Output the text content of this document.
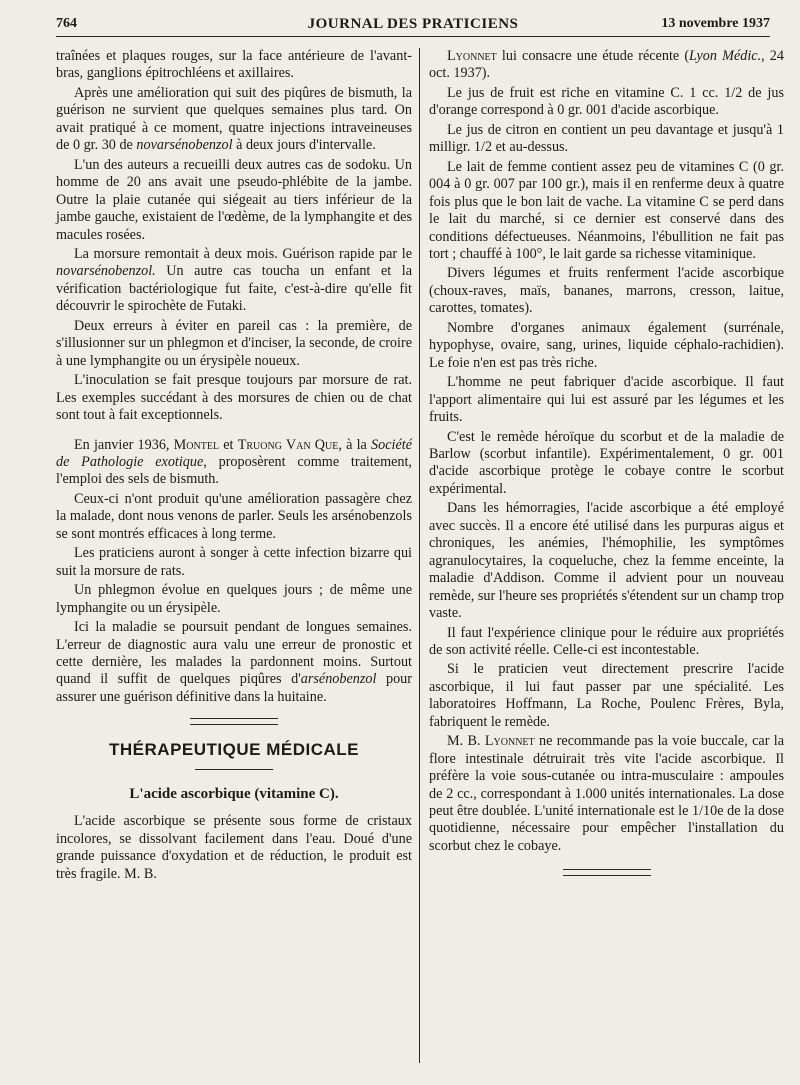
764	JOURNAL DES PRATICIENS	13 novembre 1937

traînées et plaques rouges, sur la face antérieure de l'avant-bras, ganglions épitrochléens et axillaires.

Après une amélioration qui suit des piqûres de bismuth, la guérison ne survient que quelques semaines plus tard. On avait pratiqué à ce moment, quatre injections intraveineuses de 0 gr. 30 de novarsénobenzol à deux jours d'intervalle.

L'un des auteurs a recueilli deux autres cas de sodoku. Un homme de 20 ans avait une pseudo-phlébite de la jambe. Outre la plaie cutanée qui siégeait au tiers inférieur de la jambe gauche, existaient de l'œdème, de la lymphangite et des macules rosées.

La morsure remontait à deux mois. Guérison rapide par le novarsénobenzol. Un autre cas toucha un enfant et la vérification bactériologique fut faite, c'est-à-dire qu'elle fit découvrir le spirochète de Futaki.

Deux erreurs à éviter en pareil cas : la première, de s'illusionner sur un phlegmon et d'inciser, la seconde, de croire à une lymphangite ou un érysipèle noueux.

L'inoculation se fait presque toujours par morsure de rat. Les exemples succédant à des morsures de chien ou de chat sont tout à fait exceptionnels.

En janvier 1936, Montel et Truong Van Que, à la Société de Pathologie exotique, proposèrent comme traitement, l'emploi des sels de bismuth.

Ceux-ci n'ont produit qu'une amélioration passagère chez la malade, dont nous venons de parler. Seuls les arsénobenzols se sont montrés efficaces à long terme.

Les praticiens auront à songer à cette infection bizarre qui suit la morsure de rats.

Un phlegmon évolue en quelques jours ; de même une lymphangite ou un érysipèle.

Ici la maladie se poursuit pendant de longues semaines. L'erreur de diagnostic aura valu une erreur de pronostic et cette dernière, les malades la pardonnent moins. Surtout quand il suffit de quelques piqûres d'arsénobenzol pour assurer une guérison définitive dans la huitaine.

THÉRAPEUTIQUE MÉDICALE
L'acide ascorbique (vitamine C).

L'acide ascorbique se présente sous forme de cristaux incolores, se dissolvant facilement dans l'eau. Doué d'une grande puissance d'oxydation et de réduction, le produit est très fragile. M. B.

Lyonnet lui consacre une étude récente (Lyon Médic., 24 oct. 1937).

Le jus de fruit est riche en vitamine C. 1 cc. 1/2 de jus d'orange correspond à 0 gr. 001 d'acide ascorbique.

Le jus de citron en contient un peu davantage et jusqu'à 1 milligr. 1/2 et au-dessus.

Le lait de femme contient assez peu de vitamines C (0 gr. 004 à 0 gr. 007 par 100 gr.), mais il en renferme deux à quatre fois plus que le bon lait de vache. La vitamine C se perd dans le lait du marché, si ce dernier est conservé dans des conditions défectueuses. Néanmoins, l'ébullition ne fait pas tort ; chauffé à 100°, le lait garde sa richesse vitaminique.

Divers légumes et fruits renferment l'acide ascorbique (choux-raves, maïs, bananes, marrons, cresson, laitue, carottes, tomates).

Nombre d'organes animaux également (surrénale, hypophyse, ovaire, sang, urines, liquide céphalo-rachidien). Le foie n'en est pas très riche.

L'homme ne peut fabriquer d'acide ascorbique. Il faut l'apport alimentaire qui lui est assuré par les légumes et les fruits.

C'est le remède héroïque du scorbut et de la maladie de Barlow (scorbut infantile). Expérimentalement, 0 gr. 001 d'acide ascorbique protège le cobaye contre le scorbut expérimental.

Dans les hémorragies, l'acide ascorbique a été employé avec succès. Il a encore été utilisé dans les purpuras aigus et chroniques, les anémies, l'hémophilie, les symptômes agranulocytaires, la coqueluche, chez la femme enceinte, la maladie d'Addison. Comme il advient pour un nouveau remède, sur l'heure ses propriétés s'étendent sur un champ trop vaste.

Il faut l'expérience clinique pour le réduire aux propriétés de son activité réelle. Celle-ci est incontestable.

Si le praticien veut directement prescrire l'acide ascorbique, il lui faut passer par une spécialité. Les laboratoires Hoffmann, La Roche, Poulenc Frères, Byla, fabriquent le remède.

M. B. Lyonnet ne recommande pas la voie buccale, car la flore intestinale détruirait très vite l'acide ascorbique. Il préfère la voie sous-cutanée ou intra-musculaire : ampoules de 2 cc., correspondant à 1.000 unités internationales. La dose peut être doublée. L'unité internationale est le 1/10e de la dose quotidienne, nécessaire pour empêcher l'installation du scorbut chez le cobaye.
